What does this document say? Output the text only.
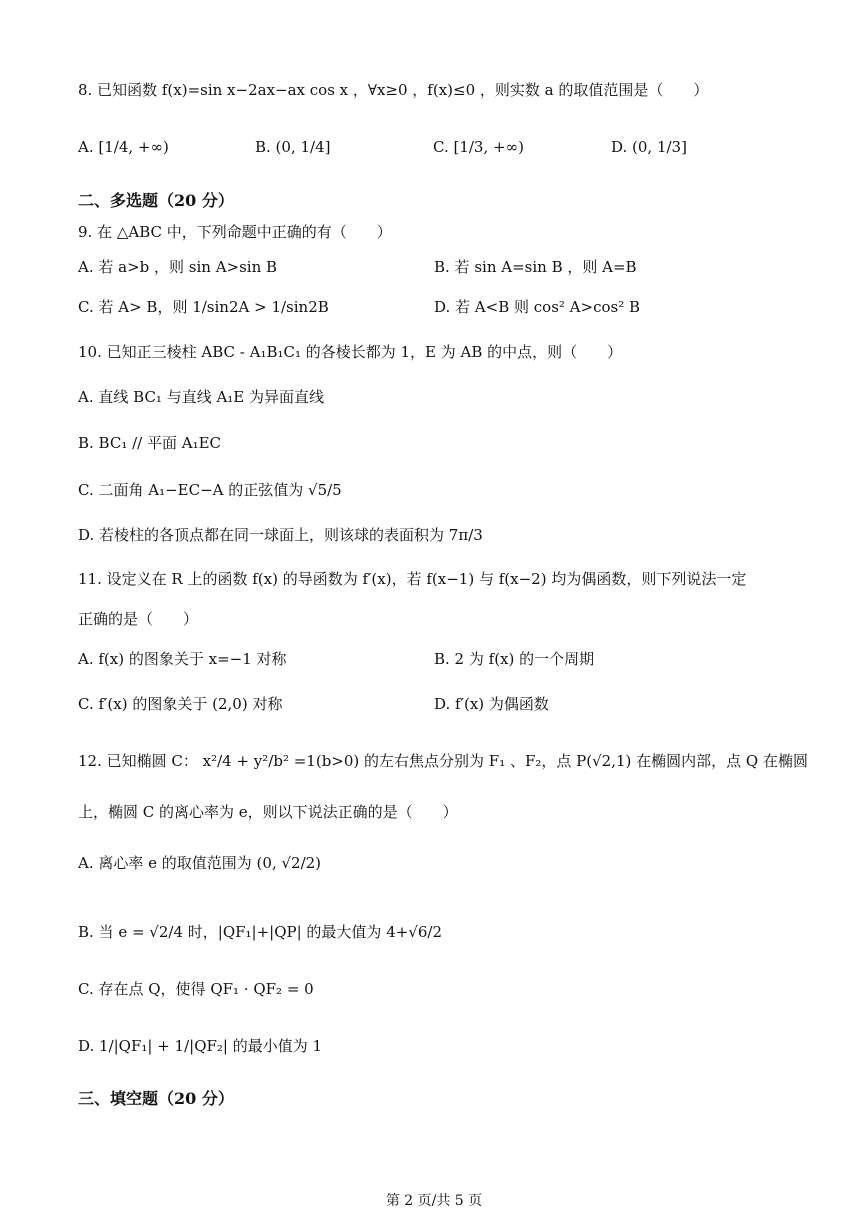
8. 已知函数 f(x)=sin x−2ax−ax cos x ，∀x≥0 ，f(x)≤0 ，则实数 a 的取值范围是（　　）
A. [1/4, +∞)	B. (0, 1/4]	C. [1/3, +∞)	D. (0, 1/3]
二、多选题（20 分）
9. 在 △ABC 中，下列命题中正确的有（　　）
A. 若 a>b ，则 sin A>sin B	B. 若 sin A=sin B ，则 A=B
C. 若 A> B，则 1/sin2A > 1/sin2B	D. 若 A<B 则 cos² A>cos² B
10. 已知正三棱柱 ABC - A₁B₁C₁ 的各棱长都为 1，E 为 AB 的中点，则（　　）
A. 直线 BC₁ 与直线 A₁E 为异面直线
B. BC₁ // 平面 A₁EC
C. 二面角 A₁−EC−A 的正弦值为 √5/5
D. 若棱柱的各顶点都在同一球面上，则该球的表面积为 7π/3
11. 设定义在 R 上的函数 f(x) 的导函数为 f′(x)，若 f(x−1) 与 f(x−2) 均为偶函数，则下列说法一定
正确的是（　　）
A. f(x) 的图象关于 x=−1 对称	B. 2 为 f(x) 的一个周期
C. f′(x) 的图象关于 (2,0) 对称	D. f′(x) 为偶函数
12. 已知椭圆 C： x²/4 + y²/b² =1(b>0) 的左右焦点分别为 F₁ 、F₂，点 P(√2,1) 在椭圆内部，点 Q 在椭圆
上，椭圆 C 的离心率为 e，则以下说法正确的是（　　）
A. 离心率 e 的取值范围为 (0, √2/2)
B. 当 e = √2/4 时，|QF₁|+|QP| 的最大值为 4+√6/2
C. 存在点 Q，使得 QF₁ · QF₂ = 0
D. 1/|QF₁| + 1/|QF₂| 的最小值为 1
三、填空题（20 分）
第 2 页/共 5 页
